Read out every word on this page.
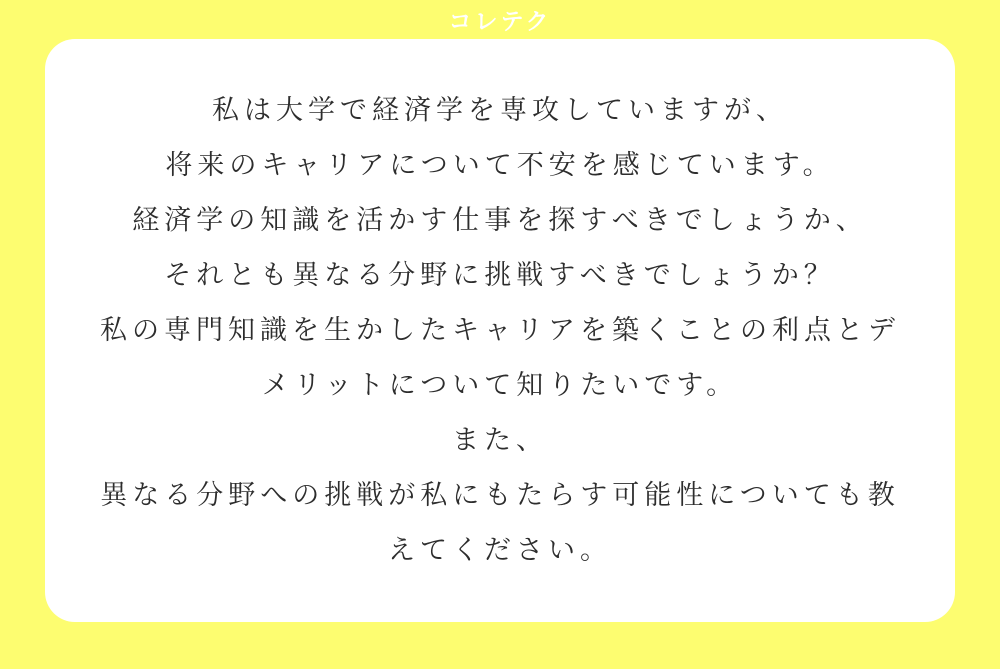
コレテク
私は大学で経済学を専攻していますが、
将来のキャリアについて不安を感じています。
経済学の知識を活かす仕事を探すべきでしょうか、
それとも異なる分野に挑戦すべきでしょうか？
私の専門知識を生かしたキャリアを築くことの利点とデ
メリットについて知りたいです。
また、
異なる分野への挑戦が私にもたらす可能性についても教
えてください。
